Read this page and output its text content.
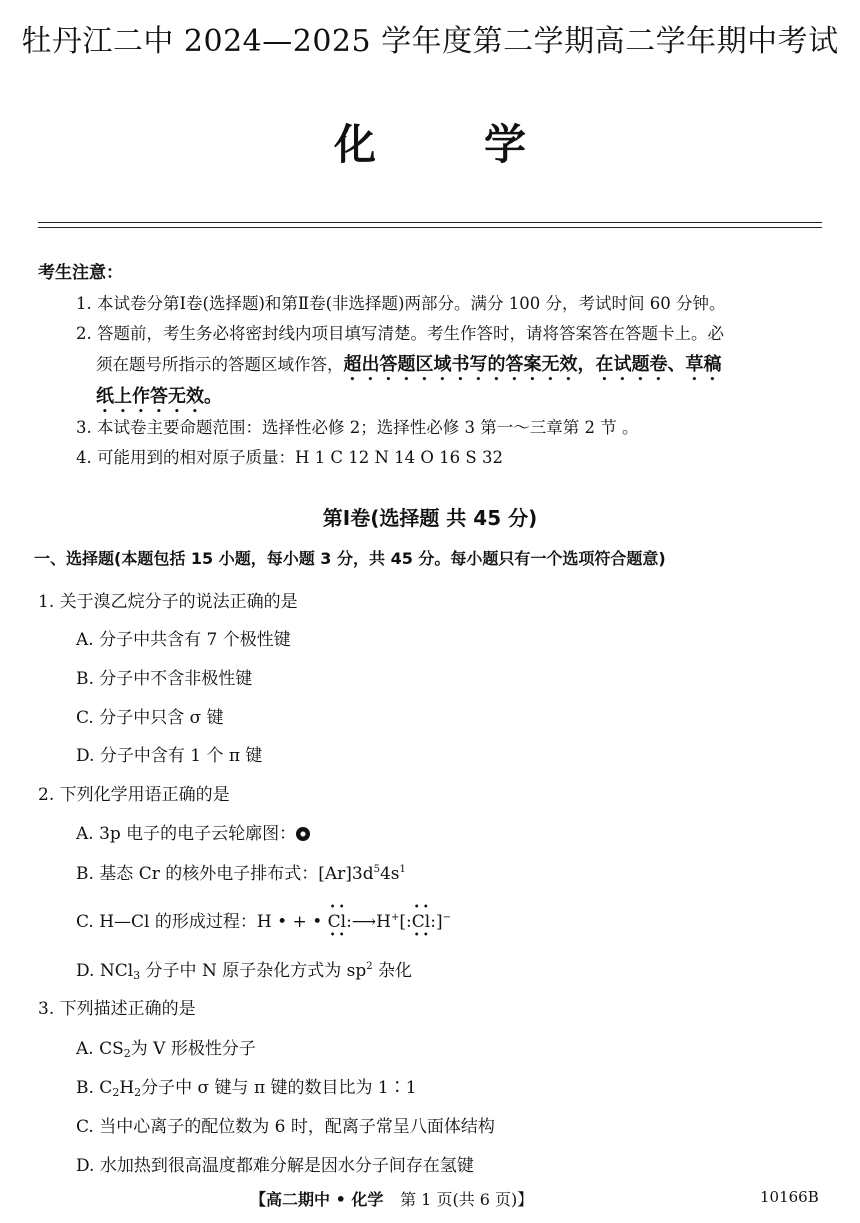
牡丹江二中 2024—2025 学年度第二学期高二学年期中考试
化	学
考生注意：
1. 本试卷分第Ⅰ卷(选择题)和第Ⅱ卷(非选择题)两部分。满分 100 分，考试时间 60 分钟。
2. 答题前，考生务必将密封线内项目填写清楚。考生作答时，请将答案答在答题卡上。必
须在题号所指示的答题区域作答，超出答题区域书写的答案无效，在试题卷、草稿
纸上作答无效。
3. 本试卷主要命题范围：选择性必修 2；选择性必修 3 第一～三章第 2 节 。
4. 可能用到的相对原子质量：H 1 C 12 N 14 O 16 S 32
第Ⅰ卷(选择题 共 45 分)
一、选择题(本题包括 15 小题，每小题 3 分，共 45 分。每小题只有一个选项符合题意)
1. 关于溴乙烷分子的说法正确的是
A. 分子中共含有 7 个极性键
B. 分子中不含非极性键
C. 分子中只含 σ 键
D. 分子中含有 1 个 π 键
2. 下列化学用语正确的是
A. 3p 电子的电子云轮廓图：
B. 基态 Cr 的核外电子排布式：$[Ar]3d^54s^1$
C. H—Cl 的形成过程：H • + •
• •
Cl
• •
:⟶H+[:
• •
Cl
• •
:]−
D. NCl$_3$ 分子中 N 原子杂化方式为 $sp^2$ 杂化
3. 下列描述正确的是
A. $CS_2$为 V 形极性分子
B. $C_2H_2$分子中 σ 键与 π 键的数目比为 1∶1
C. 当中心离子的配位数为 6 时，配离子常呈八面体结构
D. 水加热到很高温度都难分解是因水分子间存在氢键
【高二期中 • 化学 第 1 页(共 6 页)】	10166B
